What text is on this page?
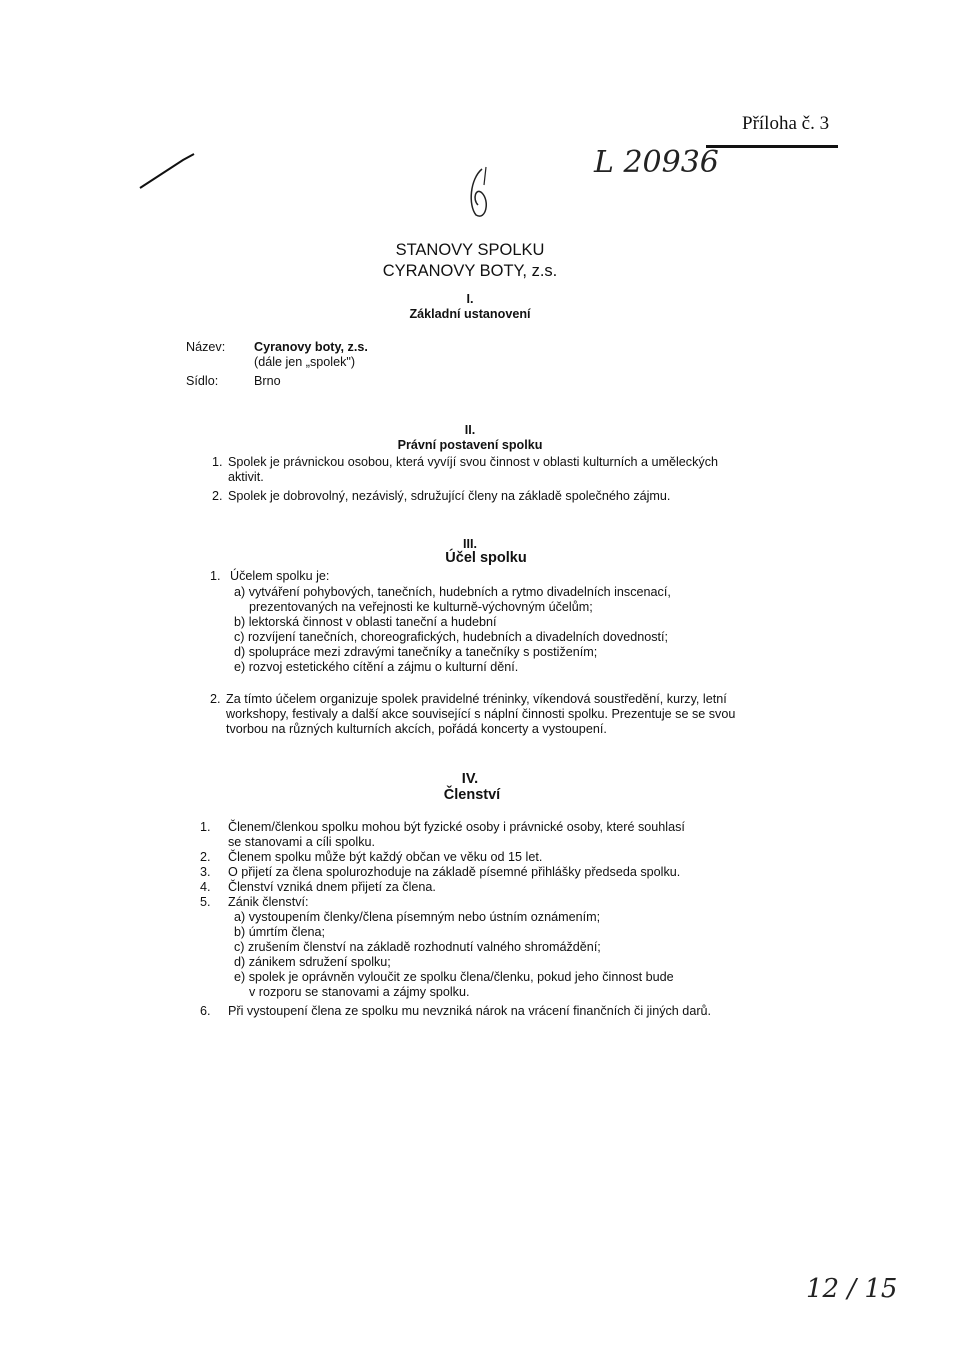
Příloha č. 3
L 20936
STANOVY SPOLKU
CYRANOVY BOTY, z.s.
I.
Základní ustanovení
Název: Cyranovy boty, z.s.
(dále jen „spolek")
Sídlo:	Brno
II.
Právní postavení spolku
1. Spolek je právnickou osobou, která vyvíjí svou činnost v oblasti kulturních a uměleckých
aktivit.
2. Spolek je dobrovolný, nezávislý, sdružující členy na základě společného zájmu.
III.
Účel spolku
1. Účelem spolku je:
a) vytváření pohybových, tanečních, hudebních a rytmo divadelních inscenací,
prezentovaných na veřejnosti ke kulturně-výchovným účelům;
b) lektorská činnost v oblasti taneční a hudební
c) rozvíjení tanečních, choreografických, hudebních a divadelních dovedností;
d) spolupráce mezi zdravými tanečníky a tanečníky s postižením;
e) rozvoj estetického cítění a zájmu o kulturní dění.
2. Za tímto účelem organizuje spolek pravidelné tréninky, víkendová soustředění, kurzy, letní
workshopy, festivaly a další akce související s náplní činnosti spolku. Prezentuje se se svou
tvorbou na různých kulturních akcích, pořádá koncerty a vystoupení.
IV.
Členství
1.

2.
3.
4.
5.
Členem/členkou spolku mohou být fyzické osoby i právnické osoby, které souhlasí
se stanovami a cíli spolku.
Členem spolku může být každý občan ve věku od 15 let.
O přijetí za člena spolurozhoduje na základě písemné přihlášky předseda spolku.
Členství vzniká dnem přijetí za člena.
Zánik členství:
a) vystoupením členky/člena písemným nebo ústním oznámením;
b) úmrtím člena;
c) zrušením členství na základě rozhodnutí valného shromáždění;
d) zánikem sdružení spolku;
e) spolek je oprávněn vyloučit ze spolku člena/členku, pokud jeho činnost bude
v rozporu se stanovami a zájmy spolku.
6. Při vystoupení člena ze spolku mu nevzniká nárok na vrácení finančních či jiných darů.
12 / 15
